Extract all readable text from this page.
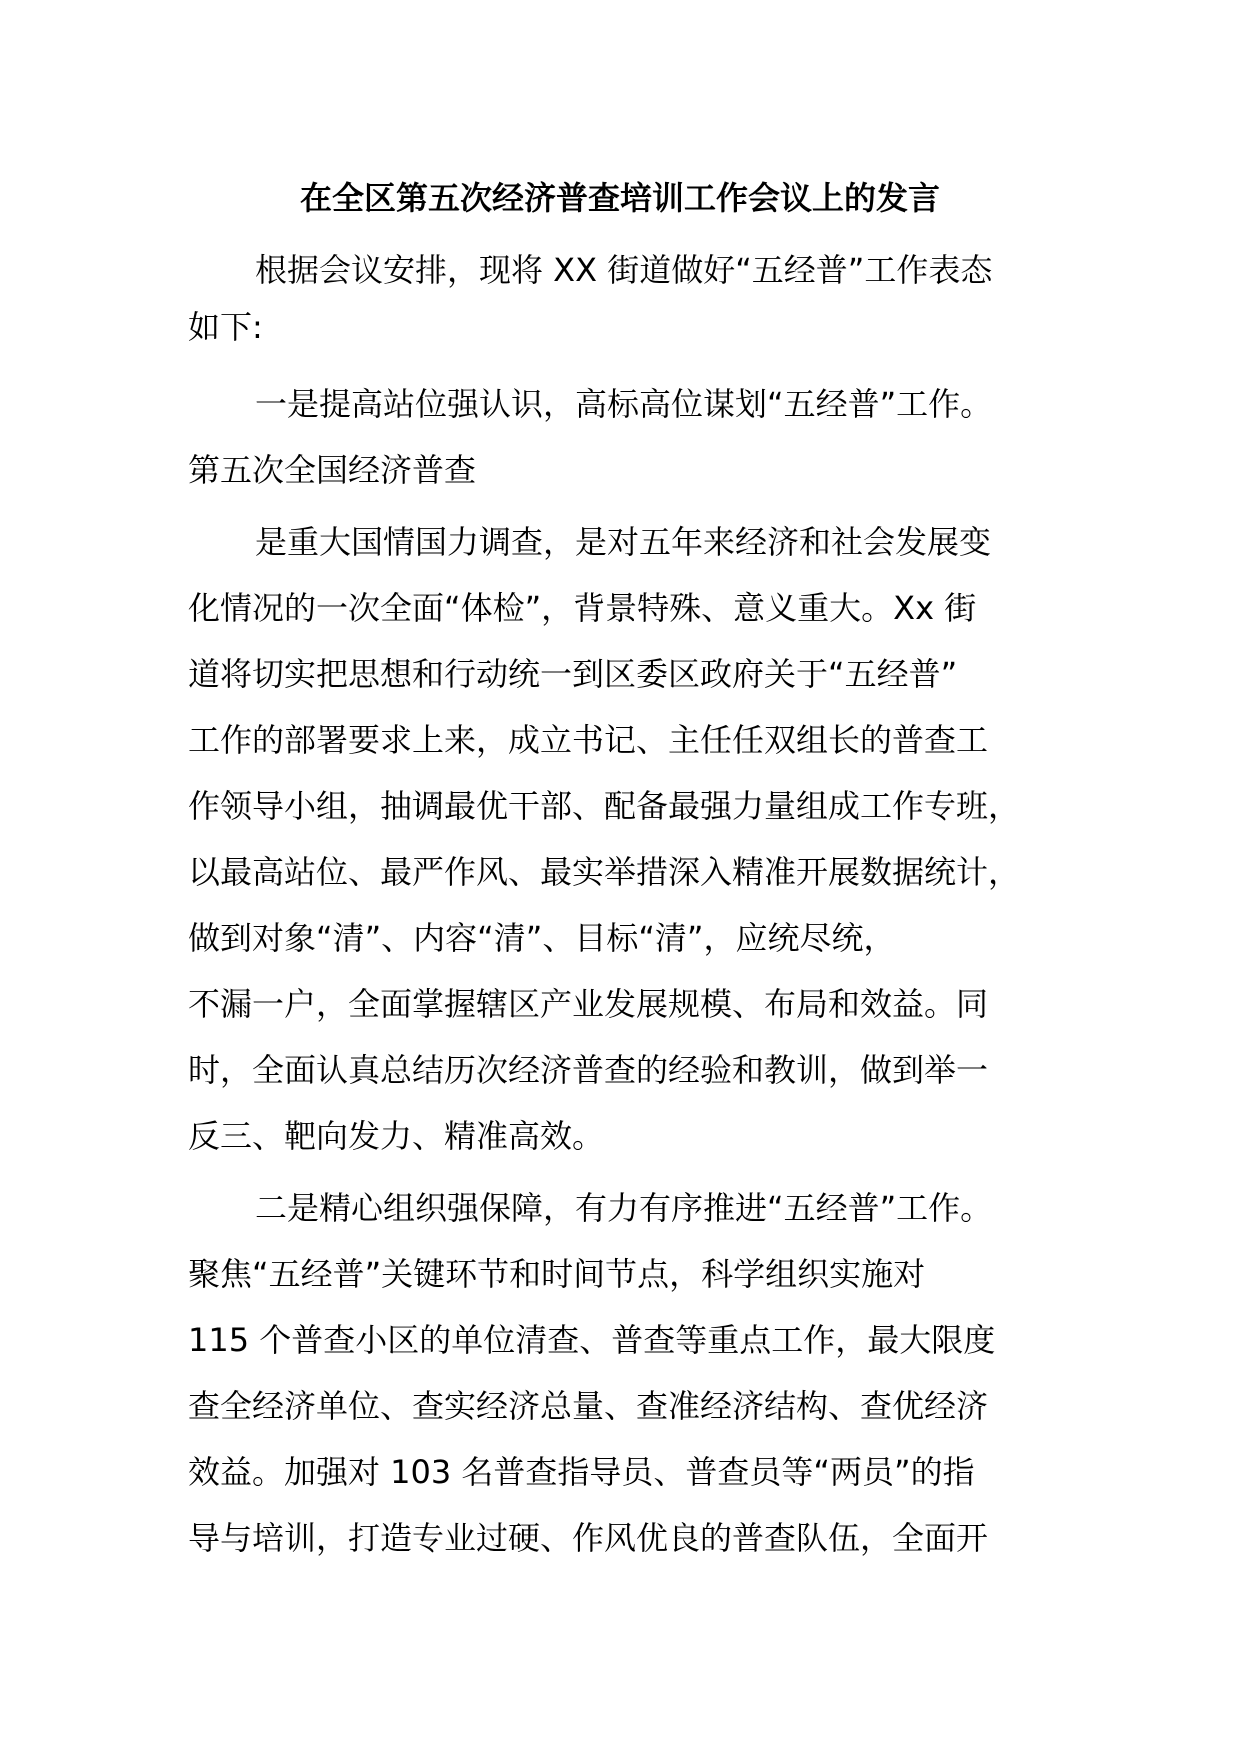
在全区第五次经济普查培训工作会议上的发言
根据会议安排，现将 XX 街道做好“五经普”工作表态
如下:
一是提高站位强认识，高标高位谋划“五经普”工作。
第五次全国经济普查
是重大国情国力调查，是对五年来经济和社会发展变
化情况的一次全面“体检”，背景特殊、意义重大。Xx 街
道将切实把思想和行动统一到区委区政府关于“五经普”
工作的部署要求上来，成立书记、主任任双组长的普查工
作领导小组，抽调最优干部、配备最强力量组成工作专班，
以最高站位、最严作风、最实举措深入精准开展数据统计，
做到对象“清”、内容“清”、目标“清”，应统尽统，
不漏一户，全面掌握辖区产业发展规模、布局和效益。同
时，全面认真总结历次经济普查的经验和教训，做到举一
反三、靶向发力、精准高效。
二是精心组织强保障，有力有序推进“五经普”工作。
聚焦“五经普”关键环节和时间节点，科学组织实施对
115 个普查小区的单位清查、普查等重点工作，最大限度
查全经济单位、查实经济总量、查准经济结构、查优经济
效益。加强对 103 名普查指导员、普查员等“两员”的指
导与培训，打造专业过硬、作风优良的普查队伍，全面开
